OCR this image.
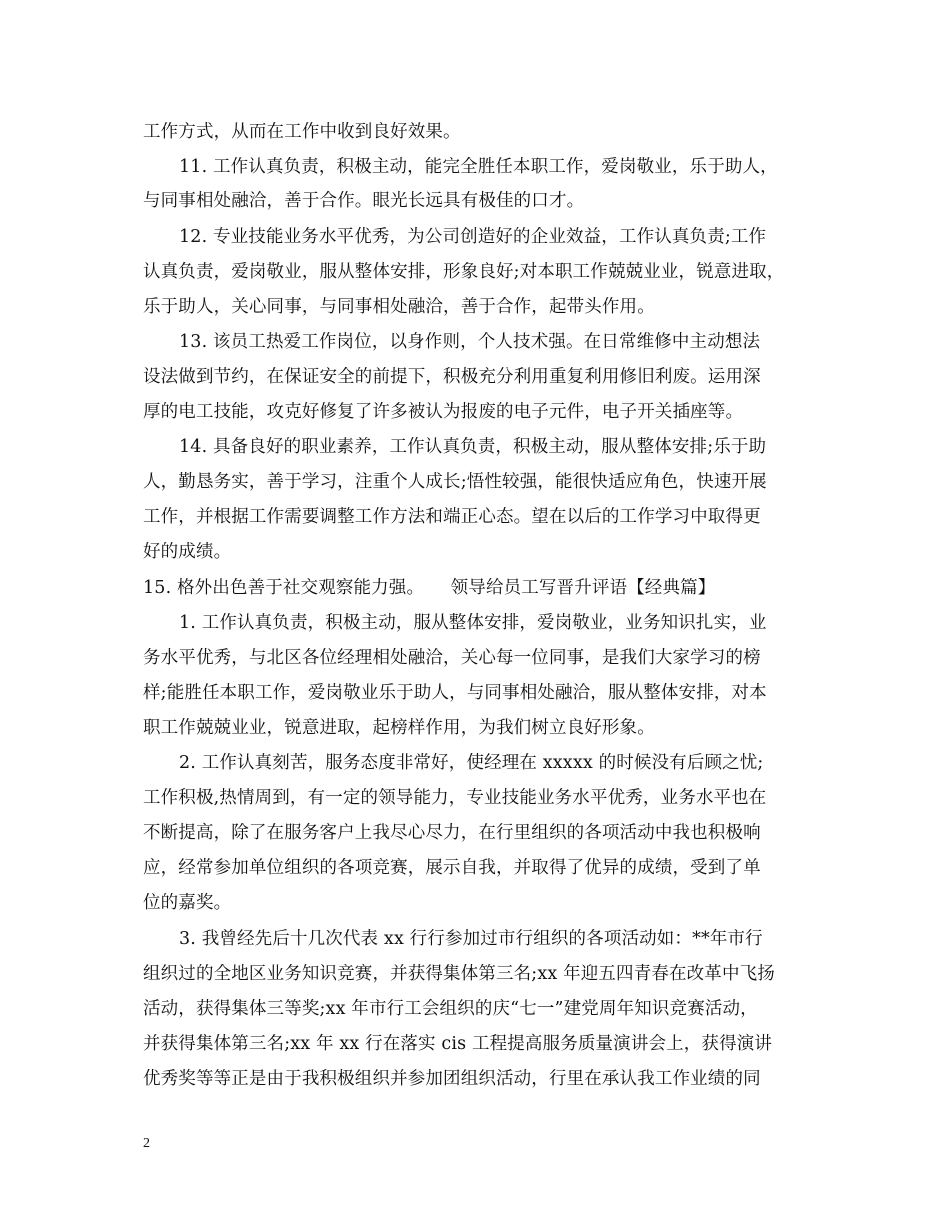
工作方式，从而在工作中收到良好效果。
11. 工作认真负责，积极主动，能完全胜任本职工作，爱岗敬业，乐于助人，
与同事相处融洽，善于合作。眼光长远具有极佳的口才。
12. 专业技能业务水平优秀，为公司创造好的企业效益，工作认真负责;工作
认真负责，爱岗敬业，服从整体安排，形象良好;对本职工作兢兢业业，锐意进取，
乐于助人，关心同事，与同事相处融洽，善于合作，起带头作用。
13. 该员工热爱工作岗位，以身作则，个人技术强。在日常维修中主动想法
设法做到节约，在保证安全的前提下，积极充分利用重复利用修旧利废。运用深
厚的电工技能，攻克好修复了许多被认为报废的电子元件，电子开关插座等。
14. 具备良好的职业素养，工作认真负责，积极主动，服从整体安排;乐于助
人，勤恳务实，善于学习，注重个人成长;悟性较强，能很快适应角色，快速开展
工作，并根据工作需要调整工作方法和端正心态。望在以后的工作学习中取得更
好的成绩。
15. 格外出色善于社交观察能力强。　　领导给员工写晋升评语【经典篇】
1. 工作认真负责，积极主动，服从整体安排，爱岗敬业，业务知识扎实，业
务水平优秀，与北区各位经理相处融洽，关心每一位同事，是我们大家学习的榜
样;能胜任本职工作，爱岗敬业乐于助人，与同事相处融洽，服从整体安排，对本
职工作兢兢业业，锐意进取，起榜样作用，为我们树立良好形象。
2. 工作认真刻苦，服务态度非常好，使经理在 xxxxx 的时候没有后顾之忧;
工作积极,热情周到，有一定的领导能力，专业技能业务水平优秀，业务水平也在
不断提高，除了在服务客户上我尽心尽力，在行里组织的各项活动中我也积极响
应，经常参加单位组织的各项竞赛，展示自我，并取得了优异的成绩，受到了单
位的嘉奖。
3. 我曾经先后十几次代表 xx 行行参加过市行组织的各项活动如：**年市行
组织过的全地区业务知识竞赛，并获得集体第三名;xx 年迎五四青春在改革中飞扬
活动，获得集体三等奖;xx 年市行工会组织的庆“七一”建党周年知识竞赛活动，
并获得集体第三名;xx 年 xx 行在落实 cis 工程提高服务质量演讲会上，获得演讲
优秀奖等等正是由于我积极组织并参加团组织活动，行里在承认我工作业绩的同
2
